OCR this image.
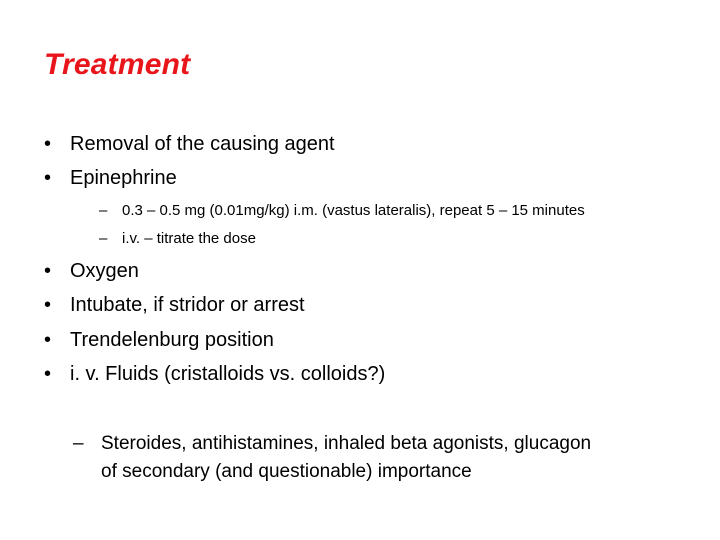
Treatment
• Removal of the causing agent
• Epinephrine
– 0.3 – 0.5 mg (0.01mg/kg) i.m. (vastus lateralis), repeat 5 – 15 minutes
– i.v. – titrate the dose
• Oxygen
• Intubate, if stridor or arrest
• Trendelenburg position
• i. v. Fluids (cristalloids vs. colloids?)
– Steroides, antihistamines, inhaled beta agonists, glucagon
of secondary (and questionable) importance
